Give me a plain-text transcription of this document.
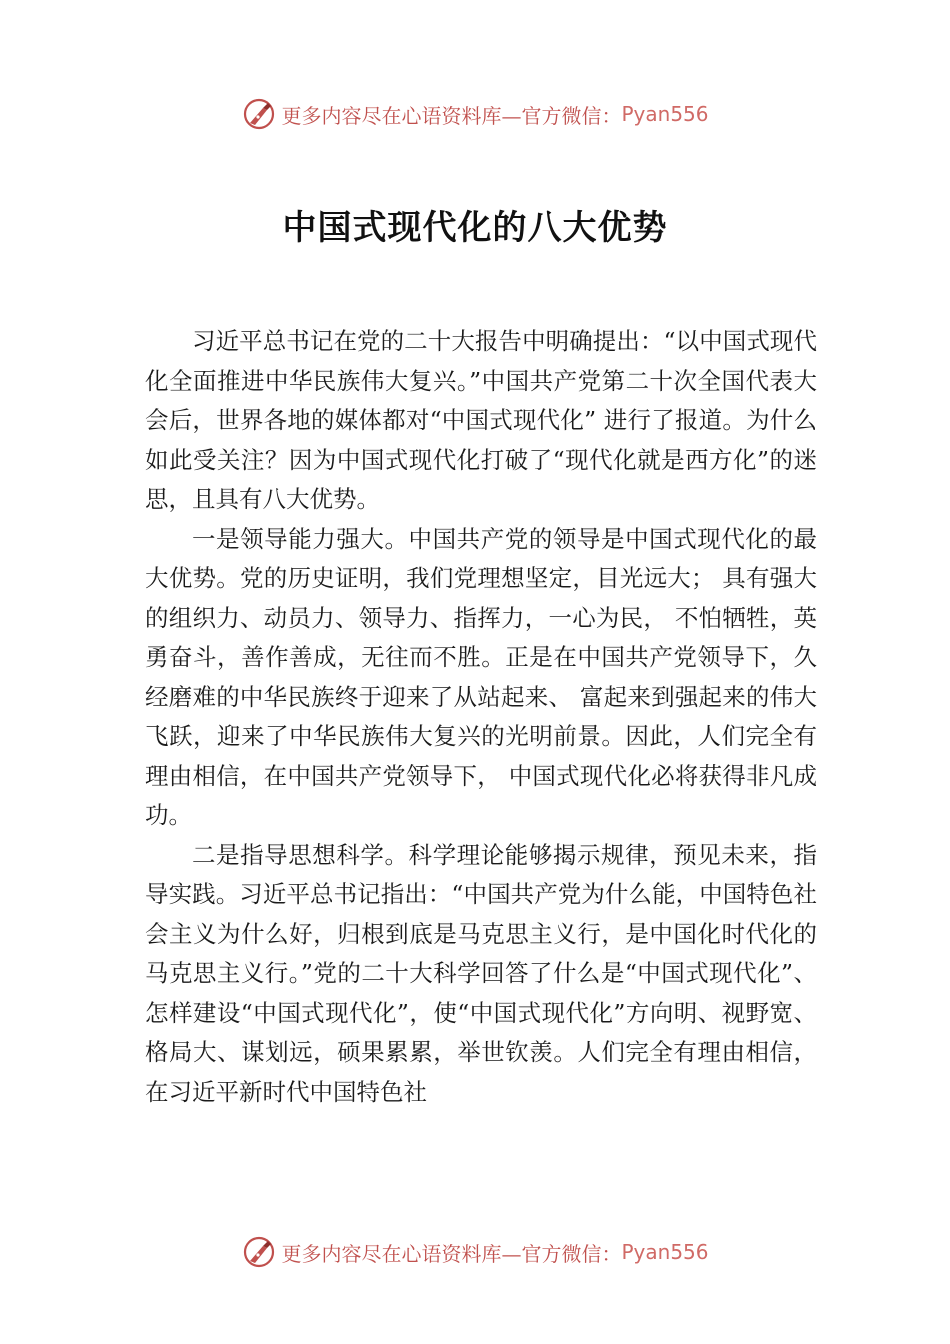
更多内容尽在心语资料库—官方微信： Pyan556
中国式现代化的八大优势

习近平总书记在党的二十大报告中明确提出：“以中国式现代化全面推进中华民族伟大复兴。”中国共产党第二十次全国代表大会后，世界各地的媒体都对“中国式现代化” 进行了报道。为什么如此受关注？因为中国式现代化打破了“现代化就是西方化”的迷思，且具有八大优势。

一是领导能力强大。中国共产党的领导是中国式现代化的最大优势。党的历史证明，我们党理想坚定，目光远大； 具有强大的组织力、动员力、领导力、指挥力，一心为民， 不怕牺牲，英勇奋斗，善作善成，无往而不胜。正是在中国共产党领导下，久经磨难的中华民族终于迎来了从站起来、 富起来到强起来的伟大飞跃，迎来了中华民族伟大复兴的光明前景。因此，人们完全有理由相信，在中国共产党领导下， 中国式现代化必将获得非凡成功。

二是指导思想科学。科学理论能够揭示规律，预见未来，指导实践。习近平总书记指出：“中国共产党为什么能，中国特色社会主义为什么好，归根到底是马克思主义行，是中国化时代化的马克思主义行。”党的二十大科学回答了什么是“中国式现代化”、怎样建设“中国式现代化”，使“中国式现代化”方向明、视野宽、格局大、谋划远，硕果累累，举世钦羡。人们完全有理由相信，在习近平新时代中国特色社

更多内容尽在心语资料库—官方微信： Pyan556
